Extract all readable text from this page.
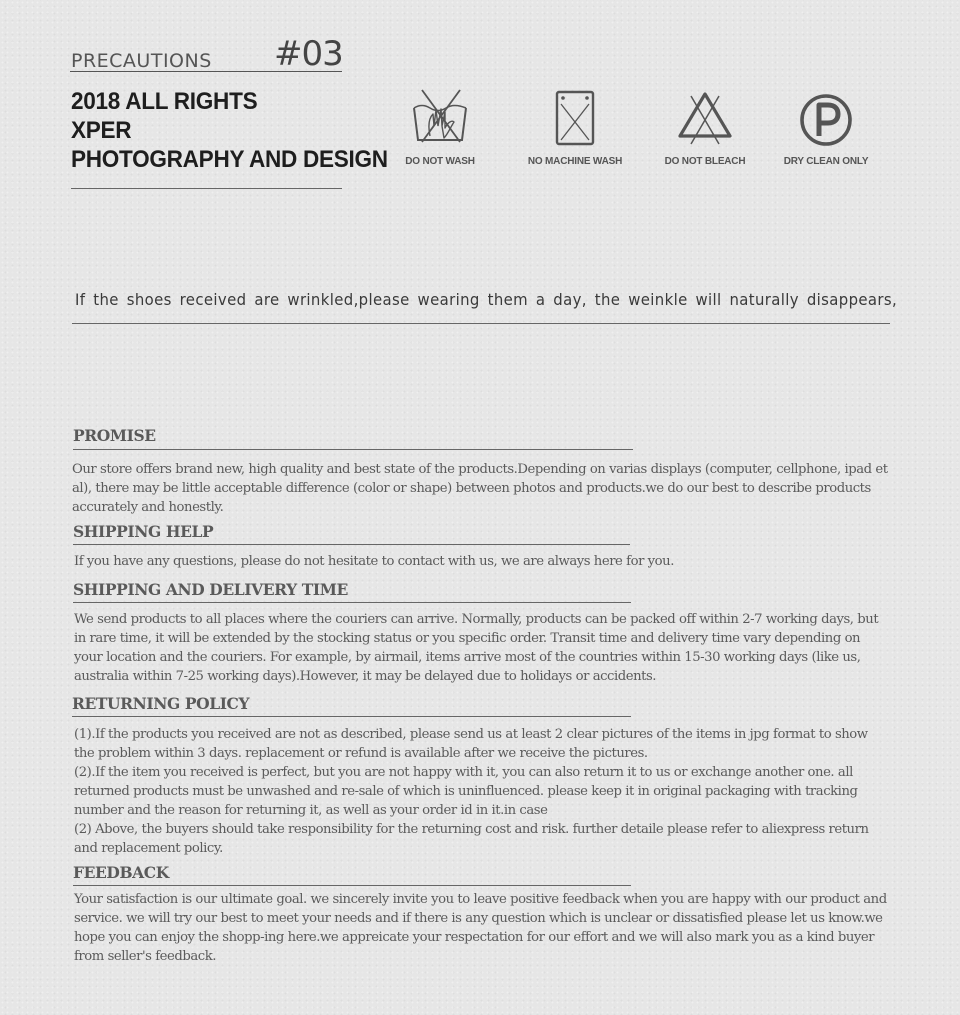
PRECAUTIONS #03
2018 ALL RIGHTS
XPER
PHOTOGRAPHY AND DESIGN	DO NOT WASH	NO MACHINE WASH	DO NOT BLEACH	DRY CLEAN ONLY
If the shoes received are wrinkled,please wearing them a day, the weinkle will naturally disappears,
PROMISE

Our store offers brand new, high quality and best state of the products.Depending on varias displays (computer, cellphone, ipad et al), there may be little acceptable difference (color or shape) between photos and products.we do our best to describe products accurately and honestly.

SHIPPING HELP

If you have any questions, please do not hesitate to contact with us, we are always here for you.

SHIPPING AND DELIVERY TIME

We send products to all places where the couriers can arrive. Normally, products can be packed off within 2-7 working days, but in rare time, it will be extended by the stocking status or you specific order. Transit time and delivery time vary depending on your location and the couriers. For example, by airmail, items arrive most of the countries within 15-30 working days (like us, australia within 7-25 working days).However, it may be delayed due to holidays or accidents.

RETURNING POLICY

(1).If the products you received are not as described, please send us at least 2 clear pictures of the items in jpg format to show the problem within 3 days. replacement or refund is available after we receive the pictures.

(2).If the item you received is perfect, but you are not happy with it, you can also return it to us or exchange another one. all returned products must be unwashed and re-sale of which is uninfluenced. please keep it in original packaging with tracking number and the reason for returning it, as well as your order id in it.in case

(2) Above, the buyers should take responsibility for the returning cost and risk. further detaile please refer to aliexpress return and replacement policy.

FEEDBACK

Your satisfaction is our ultimate goal. we sincerely invite you to leave positive feedback when you are happy with our product and service. we will try our best to meet your needs and if there is any question which is unclear or dissatisfied please let us know.we hope you can enjoy the shopp-ing here.we appreicate your respectation for our effort and we will also mark you as a kind buyer from seller's feedback.
